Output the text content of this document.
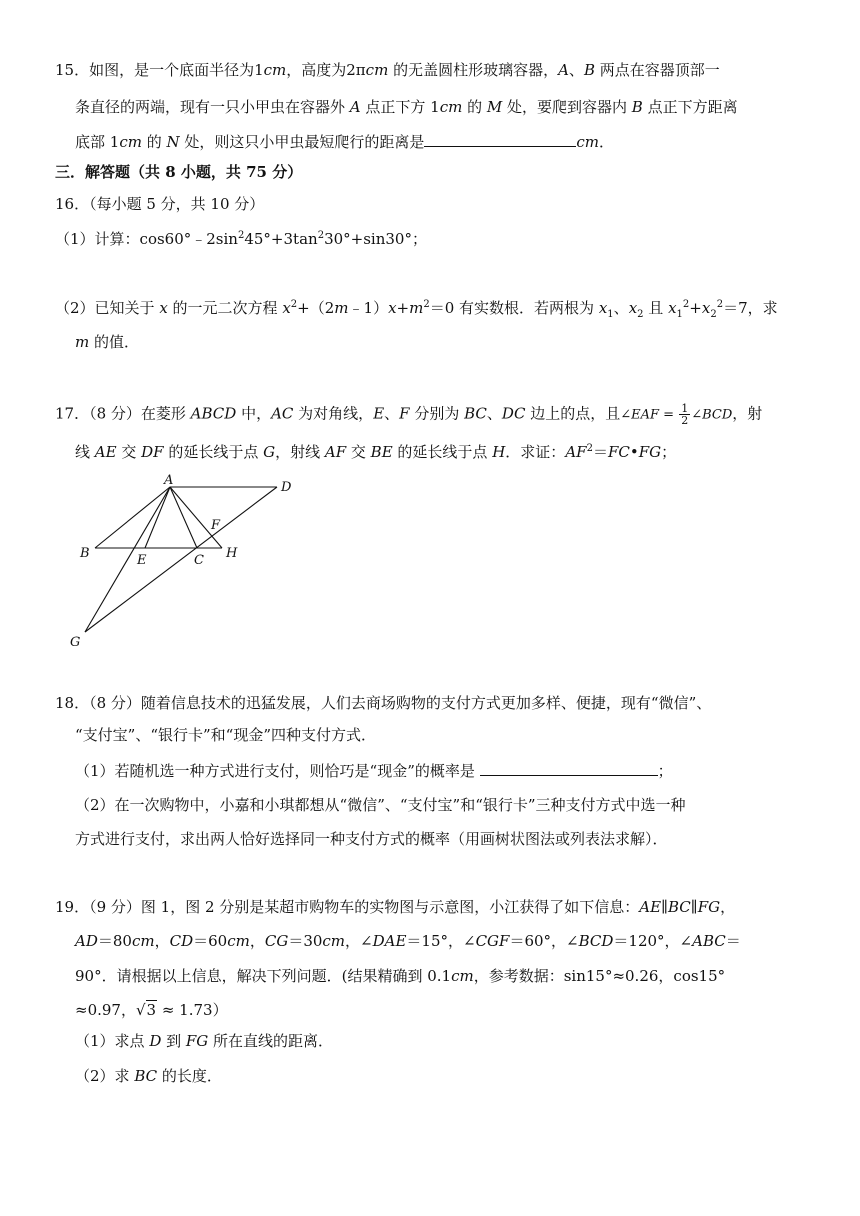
15．如图，是一个底面半径为1cm，高度为2πcm 的无盖圆柱形玻璃容器，A、B 两点在容器顶部一
条直径的两端，现有一只小甲虫在容器外 A 点正下方 1cm 的 M 处，要爬到容器内 B 点正下方距离
底部 1cm 的 N 处，则这只小甲虫最短爬行的距离是	cm．
三．解答题（共 8 小题，共 75 分）
16．（每小题 5 分，共 10 分）
（1）计算：$\cos 60^\circ﹣2\sin^245^\circ+3\tan^230^\circ+\sin 30^\circ$；
（2）已知关于 x 的一元二次方程 $x^2+(2m﹣1)x+m^2=0$ 有实数根．若两根为 $x_1$、$x_2$ 且 $x_1^2+x_2^2=7$，求
m 的值．
17．（8 分）在菱形 ABCD 中，AC 为对角线，E、F 分别为 BC、DC 边上的点，且∠EAF = $\frac{1}{2}$ ∠BCD，射
线 AE 交 DF 的延长线于点 G，射线 AF 交 BE 的延长线于点 H．求证：$AF^2=FC•FG$；
A	D
F
B	E	C H
G
18．（8 分）随着信息技术的迅猛发展，人们去商场购物的支付方式更加多样、便捷，现有“微信”、
“支付宝”、“银行卡”和“现金”四种支付方式．
（1）若随机选一种方式进行支付，则恰巧是“现金”的概率是	；
（2）在一次购物中，小嘉和小琪都想从“微信”、“支付宝”和“银行卡”三种支付方式中选一种
方式进行支付，求出两人恰好选择同一种支付方式的概率（用画树状图法或列表法求解）．
19．（9 分）图 1，图 2 分别是某超市购物车的实物图与示意图，小江获得了如下信息：AE∥BC∥FG，
AD＝80cm，CD＝60cm，CG＝30cm，∠DAE＝15°，∠CGF＝60°，∠BCD＝120°，∠ABC＝
90°．请根据以上信息，解决下列问题．(结果精确到 0.1cm，参考数据：sin15°≈0.26，cos15°
≈0.97，√3 ≈ 1.73）
（1）求点 D 到 FG 所在直线的距离．
（2）求 BC 的长度．
